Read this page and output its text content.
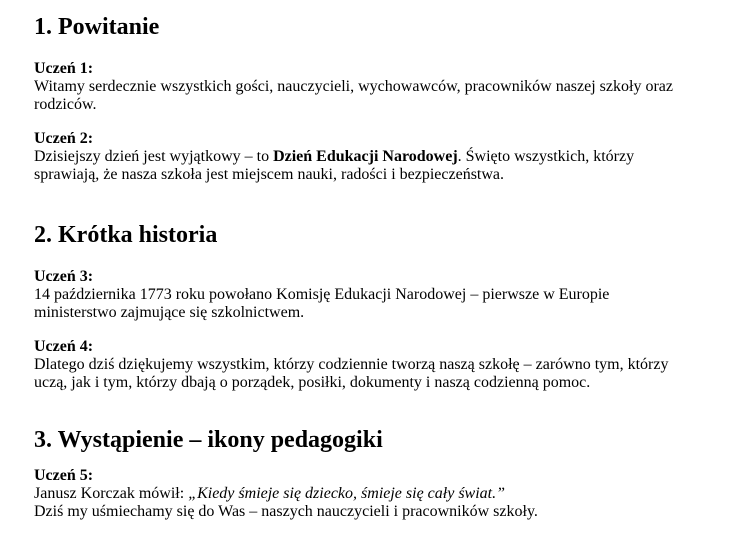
1. Powitanie

Uczeń 1:
Witamy serdecznie wszystkich gości, nauczycieli, wychowawców, pracowników naszej szkoły oraz rodziców.

Uczeń 2:
Dzisiejszy dzień jest wyjątkowy – to Dzień Edukacji Narodowej. Święto wszystkich, którzy sprawiają, że nasza szkoła jest miejscem nauki, radości i bezpieczeństwa.

2. Krótka historia

Uczeń 3:
14 października 1773 roku powołano Komisję Edukacji Narodowej – pierwsze w Europie ministerstwo zajmujące się szkolnictwem.

Uczeń 4:
Dlatego dziś dziękujemy wszystkim, którzy codziennie tworzą naszą szkołę – zarówno tym, którzy uczą, jak i tym, którzy dbają o porządek, posiłki, dokumenty i naszą codzienną pomoc.

3. Wystąpienie – ikony pedagogiki

Uczeń 5:
Janusz Korczak mówił: „Kiedy śmieje się dziecko, śmieje się cały świat.”
Dziś my uśmiechamy się do Was – naszych nauczycieli i pracowników szkoły.
